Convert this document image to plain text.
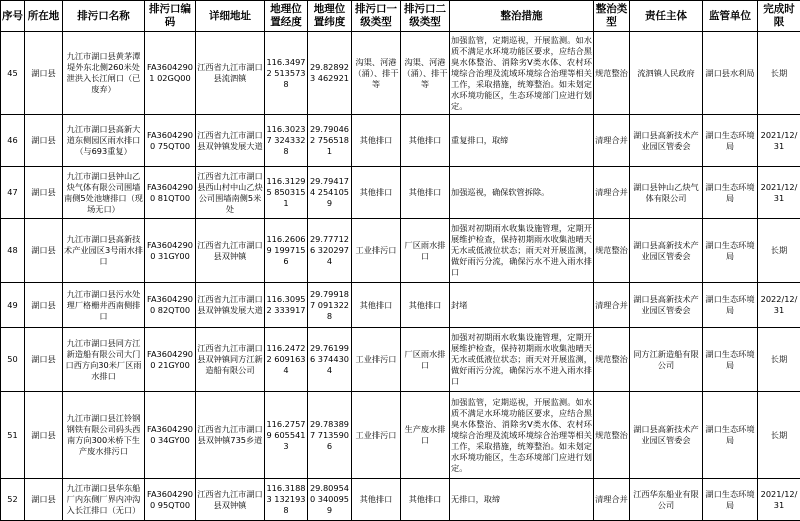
序号	所在地	排污口名称	排污口编码	详细地址	地理位置经度	地理位置纬度	排污口一级类型	排污口二级类型	整治措施	整治类型	责任主体	监管单位	完成时限
45	湖口县	九江市湖口县黄茅潭堤外东北侧260米处泄洪入长江闸口（已废弃）	FA36042901 02GQ00	江西省九江市湖口县流泗镇	116.34972 5135738	29.828923 462921	沟渠、河港（涌）、排干等	沟渠、河港（涌）、排干等	加强监管，定期巡视，开展监测。如水质不满足水环境功能区要求，应结合黑臭水体整治、消除劣V类水体、农村环境综合治理及流域环境综合治理等相关工作，采取措施，统筹整治。如未划定水环境功能区，生态环境部门应进行划定。	规范整治	流泗镇人民政府	湖口县水利局	长期
46	湖口县	九江市湖口县高新大道东侧园区雨水排口（与693重复）	FA36042900 75QT00	江西省九江市湖口县双钟镇发展大道	116.30237 3243328	29.790462 7565181	其他排口	其他排口	重复排口，取缔	清理合并	湖口县高新技术产业园区管委会	湖口生态环境局	2021/12/31
47	湖口县	九江市湖口县钟山乙炔气体有限公司围墙南侧5处池塘排口（现场无口）	FA36042900 81QT00	江西省九江市湖口县西山村中山乙炔公司围墙南侧5米处	116.31295 8503151	29.794174 2541059	其他排口	其他排口	加强巡视，确保软管拆除。	清理合并	湖口县钟山乙炔气体有限公司	湖口生态环境局	2021/12/31
48	湖口县	九江市湖口县高新技术产业园区3号雨水排口	FA36042900 31GY00	江西省九江市湖口县双钟镇	116.26069 1997156	29.777126 3202974	工业排污口	厂区雨水排口	加强对初期雨水收集设施管理，定期开展维护检查，保持初期雨水收集池晴天无水或低液位状态；雨天对开展监测，做好雨污分流，确保污水不进入雨水排口	规范整治	湖口县高新技术产业园区管委会	湖口生态环境局	长期
49	湖口县	九江市湖口县污水处理厂格栅井西南侧排口	FA36042900 82QT00	江西省九江市湖口县双钟镇发展大道	116.30952 333917	29.799187 0913228	其他排口	其他排口	封堵	清理合并	湖口县高新技术产业园区管委会	湖口生态环境局	2022/12/31
50	湖口县	九江市湖口县同方江新造船有限公司大门口西方向30米厂区雨水排口	FA36042900 21GY00	江西省九江市湖口县双钟镇同方江新造船有限公司	116.24722 6091634	29.761996 3744304	工业排污口	厂区雨水排口	加强对初期雨水收集设施管理，定期开展维护检查，保持初期雨水收集池晴天无水或低液位状态；雨天对开展监测，做好雨污分流，确保污水不进入雨水排口	规范整治	同方江新造船有限公司	湖口生态环境局	长期
51	湖口县	九江市湖口县江铃钢钢铁有限公司码头西南方向300米桥下生产废水排污口	FA36042900 34GY00	江西省九江市湖口县双钟镇735乡道	116.27579 6055413	29.783897 7135906	工业排污口	生产废水排口	加强监管，定期巡视，开展监测。如水质不满足水环境功能区要求，应结合黑臭水体整治、消除劣V类水体、农村环境综合治理及流域环境综合治理等相关工作，采取措施，统筹整治。如未划定水环境功能区，生态环境部门应进行划定。	规范整治	湖口县高新技术产业园区管委会	湖口生态环境局	长期
52	湖口县	九江市湖口县华东船厂内东侧厂界内冲沟入长江排口（无口）	FA36042900 95QT00	江西省九江市湖口县双钟镇	116.31883 1321938	29.809540 3400959	其他排口	其他排口	无排口，取缔	清理合并	江西华东船业有限公司	湖口生态环境局	2021/12/31
